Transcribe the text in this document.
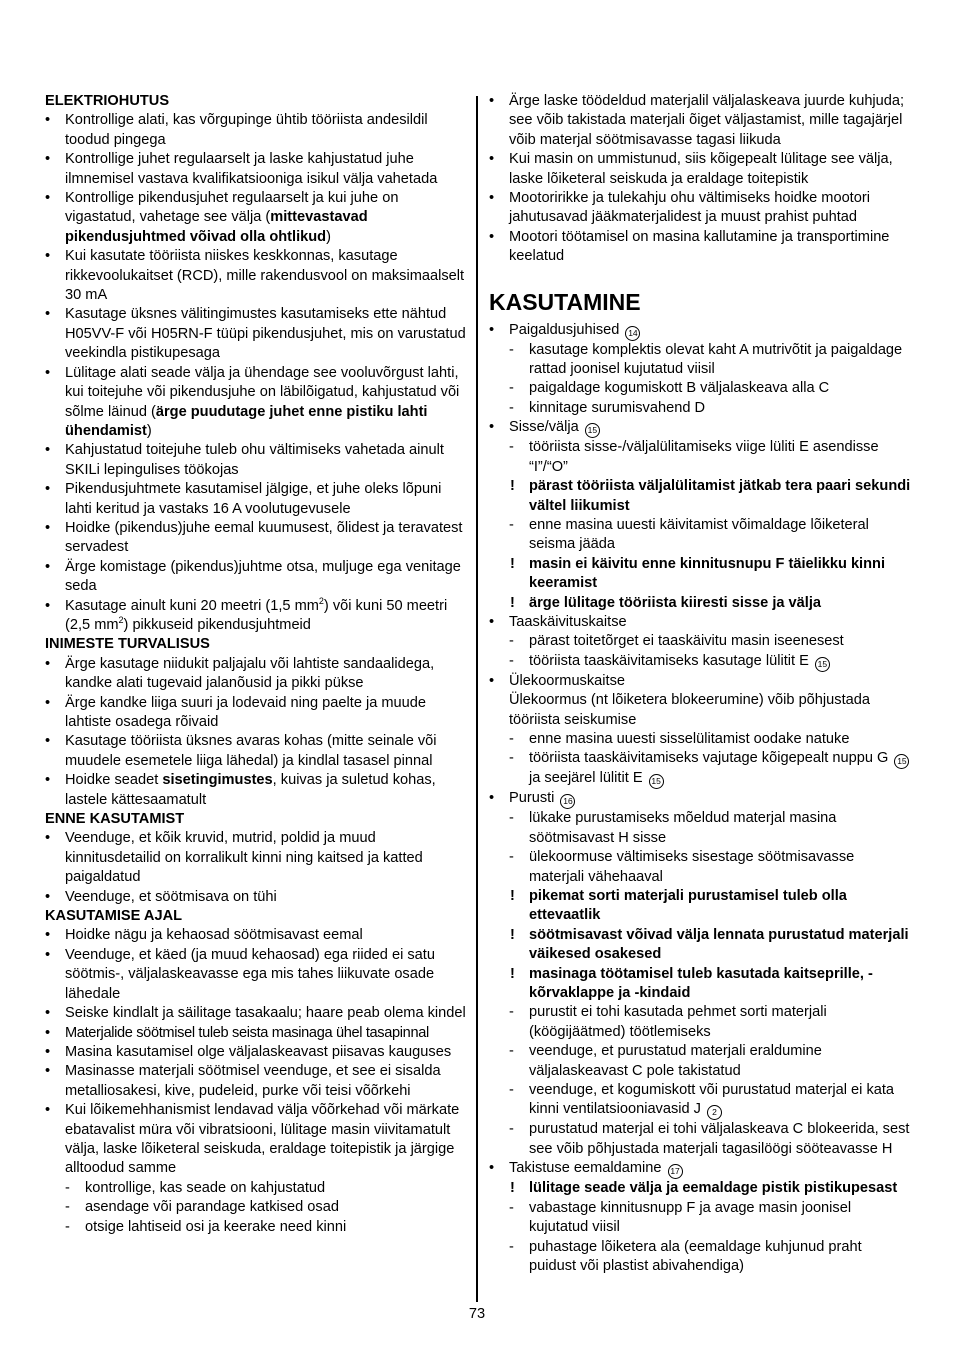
ELEKTRIOHUTUS
• Kontrollige alati, kas võrgupinge ühtib tööriista andesildil toodud pingega
• Kontrollige juhet regulaarselt ja laske kahjustatud juhe ilmnemisel vastava kvalifikatsiooniga isikul välja vahetada
• Kontrollige pikendusjuhet regulaarselt ja kui juhe on vigastatud, vahetage see välja (mittevastavad pikendusjuhtmed võivad olla ohtlikud)
• Kui kasutate tööriista niiskes keskkonnas, kasutage rikkevoolukaitset (RCD), mille rakendusvool on maksimaalselt 30 mA
• Kasutage üksnes välitingimustes kasutamiseks ette nähtud H05VV-F või H05RN-F tüüpi pikendusjuhet, mis on varustatud veekindla pistikupesaga
• Lülitage alati seade välja ja ühendage see vooluvõrgust lahti, kui toitejuhe või pikendusjuhe on läbilõigatud, kahjustatud või sõlme läinud (ärge puudutage juhet enne pistiku lahti ühendamist)
• Kahjustatud toitejuhe tuleb ohu vältimiseks vahetada ainult SKILi lepingulises töökojas
• Pikendusjuhtmete kasutamisel jälgige, et juhe oleks lõpuni lahti keritud ja vastaks 16 A voolutugevusele
• Hoidke (pikendus)juhe eemal kuumusest, õlidest ja teravatest servadest
• Ärge komistage (pikendus)juhtme otsa, muljuge ega venitage seda
• Kasutage ainult kuni 20 meetri (1,5 $mm^2$) või kuni 50 meetri (2,5 $mm^2$) pikkuseid pikendusjuhtmeid
INIMESTE TURVALISUS
• Ärge kasutage niidukit paljajalu või lahtiste sandaalidega, kandke alati tugevaid jalanõusid ja pikki pükse
• Ärge kandke liiga suuri ja lodevaid ning paelte ja muude lahtiste osadega rõivaid
• Kasutage tööriista üksnes avaras kohas (mitte seinale või muudele esemetele liiga lähedal) ja kindlal tasasel pinnal
• Hoidke seadet sisetingimustes, kuivas ja suletud kohas, lastele kättesaamatult
ENNE KASUTAMIST
• Veenduge, et kõik kruvid, mutrid, poldid ja muud kinnitusdetailid on korralikult kinni ning kaitsed ja katted paigaldatud
• Veenduge, et söötmisava on tühi
KASUTAMISE AJAL
• Hoidke nägu ja kehaosad söötmisavast eemal
• Veenduge, et käed (ja muud kehaosad) ega riided ei satu söötmis-, väljalaskeavasse ega mis tahes liikuvate osade lähedale
• Seiske kindlalt ja säilitage tasakaalu; haare peab olema kindel
• Materjalide söötmisel tuleb seista masinaga ühel tasapinnal
• Masina kasutamisel olge väljalaskeavast piisavas kauguses
• Masinasse materjali söötmisel veenduge, et see ei sisalda metalliosakesi, kive, pudeleid, purke või teisi võõrkehi
• Kui lõikemehhanismist lendavad välja võõrkehad või märkate ebatavalist müra või vibratsiooni, lülitage masin viivitamatult välja, laske lõiketeral seiskuda, eraldage toitepistik ja järgige alltoodud samme
- kontrollige, kas seade on kahjustatud
- asendage või parandage katkised osad
- otsige lahtiseid osi ja keerake need kinni
• Ärge laske töödeldud materjalil väljalaskeava juurde kuhjuda; see võib takistada materjali õiget väljastamist, mille tagajärjel võib materjal söötmisavasse tagasi liikuda
• Kui masin on ummistunud, siis kõigepealt lülitage see välja, laske lõiketeral seiskuda ja eraldage toitepistik
• Mootoririkke ja tulekahju ohu vältimiseks hoidke mootori jahutusavad jääkmaterjalidest ja muust prahist puhtad
• Mootori töötamisel on masina kallutamine ja transportimine keelatud
KASUTAMINE
• Paigaldusjuhised 14
- kasutage komplektis olevat kaht A mutrivõtit ja paigaldage rattad joonisel kujutatud viisil
- paigaldage kogumiskott B väljalaskeava alla C
- kinnitage surumisvahend D
• Sisse/välja 15
- tööriista sisse-/väljalülitamiseks viige lüliti E asendisse “I”/“O”
! pärast tööriista väljalülitamist jätkab tera paari sekundi vältel liikumist
- enne masina uuesti käivitamist võimaldage lõiketeral seisma jääda
! masin ei käivitu enne kinnitusnupu F täielikku kinni keeramist
! ärge lülitage tööriista kiiresti sisse ja välja
• Taaskäivituskaitse
- pärast toitetõrget ei taaskäivitu masin iseenesest
- tööriista taaskäivitamiseks kasutage lülitit E 15
• Ülekoormuskaitse
Ülekoormus (nt lõiketera blokeerumine) võib põhjustada tööriista seiskumise
- enne masina uuesti sisselülitamist oodake natuke
- tööriista taaskäivitamiseks vajutage kõigepealt nuppu G 15 ja seejärel lülitit E 15
• Purusti 16
- lükake purustamiseks mõeldud materjal masina söötmisavast H sisse
- ülekoormuse vältimiseks sisestage söötmisavasse materjali vähehaaval
! pikemat sorti materjali purustamisel tuleb olla ettevaatlik
! söötmisavast võivad välja lennata purustatud materjali väikesed osakesed
! masinaga töötamisel tuleb kasutada kaitseprille, -kõrvaklappe ja -kindaid
- purustit ei tohi kasutada pehmet sorti materjali (köögijäätmed) töötlemiseks
- veenduge, et purustatud materjali eraldumine väljalaskeavast C pole takistatud
- veenduge, et kogumiskott või purustatud materjal ei kata kinni ventilatsiooniavasid J 2
- purustatud materjal ei tohi väljalaskeava C blokeerida, sest see võib põhjustada materjali tagasilöögi sööteavasse H
• Takistuse eemaldamine 17
! lülitage seade välja ja eemaldage pistik pistikupesast
- vabastage kinnitusnupp F ja avage masin joonisel kujutatud viisil
- puhastage lõiketera ala (eemaldage kuhjunud praht puidust või plastist abivahendiga)
73
